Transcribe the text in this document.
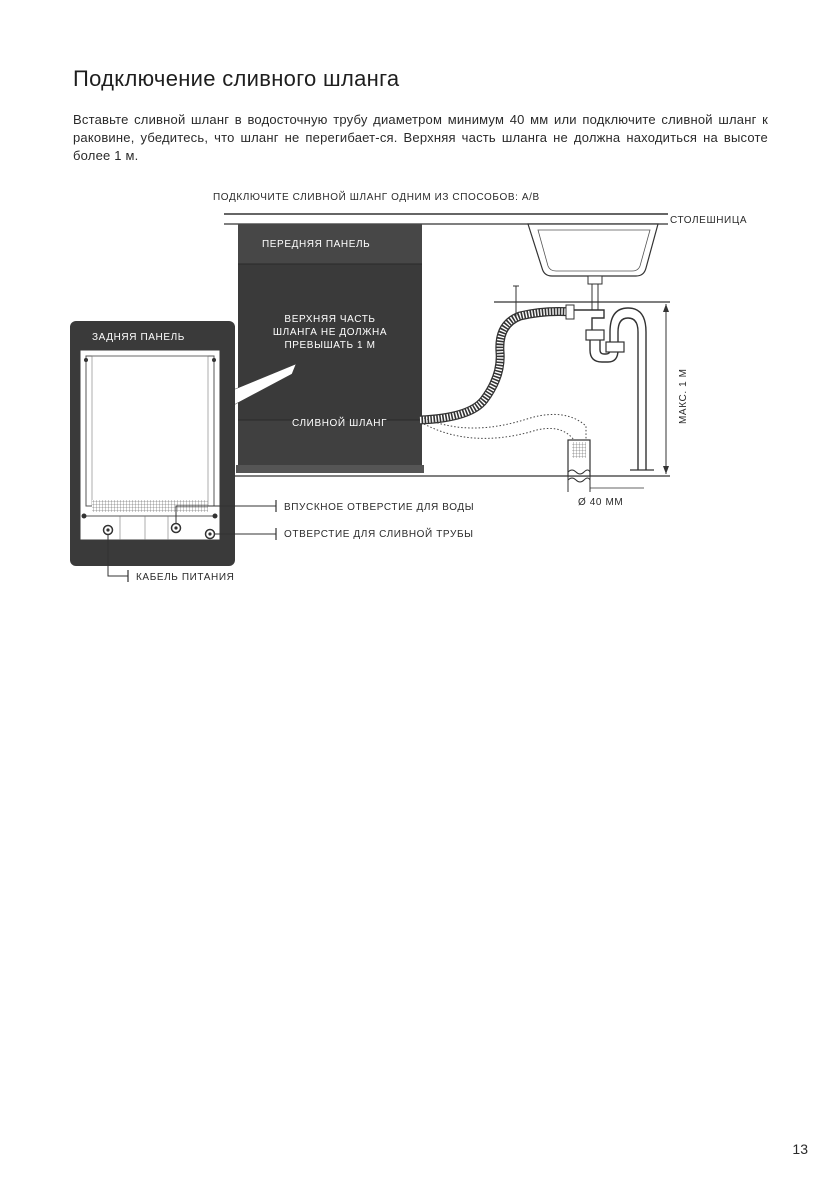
Подключение сливного шланга

Вставьте сливной шланг в водосточную трубу диаметром минимум 40 мм или подключите сливной шланг к раковине, убедитесь, что шланг не перегибает-ся. Верхняя часть шланга не должна находиться на высоте более 1 м.

ПОДКЛЮЧИТЕ СЛИВНОЙ ШЛАНГ ОДНИМ ИЗ СПОСОБОВ: А/В
СТОЛЕШНИЦА
ПЕРЕДНЯЯ ПАНЕЛЬ
ВЕРХНЯЯ ЧАСТЬ
ШЛАНГА НЕ ДОЛЖНА
ПРЕВЫШАТЬ 1 М
СЛИВНОЙ ШЛАНГ
ЗАДНЯЯ ПАНЕЛЬ
Ø 40 ММ
МАКС. 1 М
ВПУСКНОЕ ОТВЕРСТИЕ ДЛЯ ВОДЫ
ОТВЕРСТИЕ ДЛЯ СЛИВНОЙ ТРУБЫ
КАБЕЛЬ ПИТАНИЯ
13
